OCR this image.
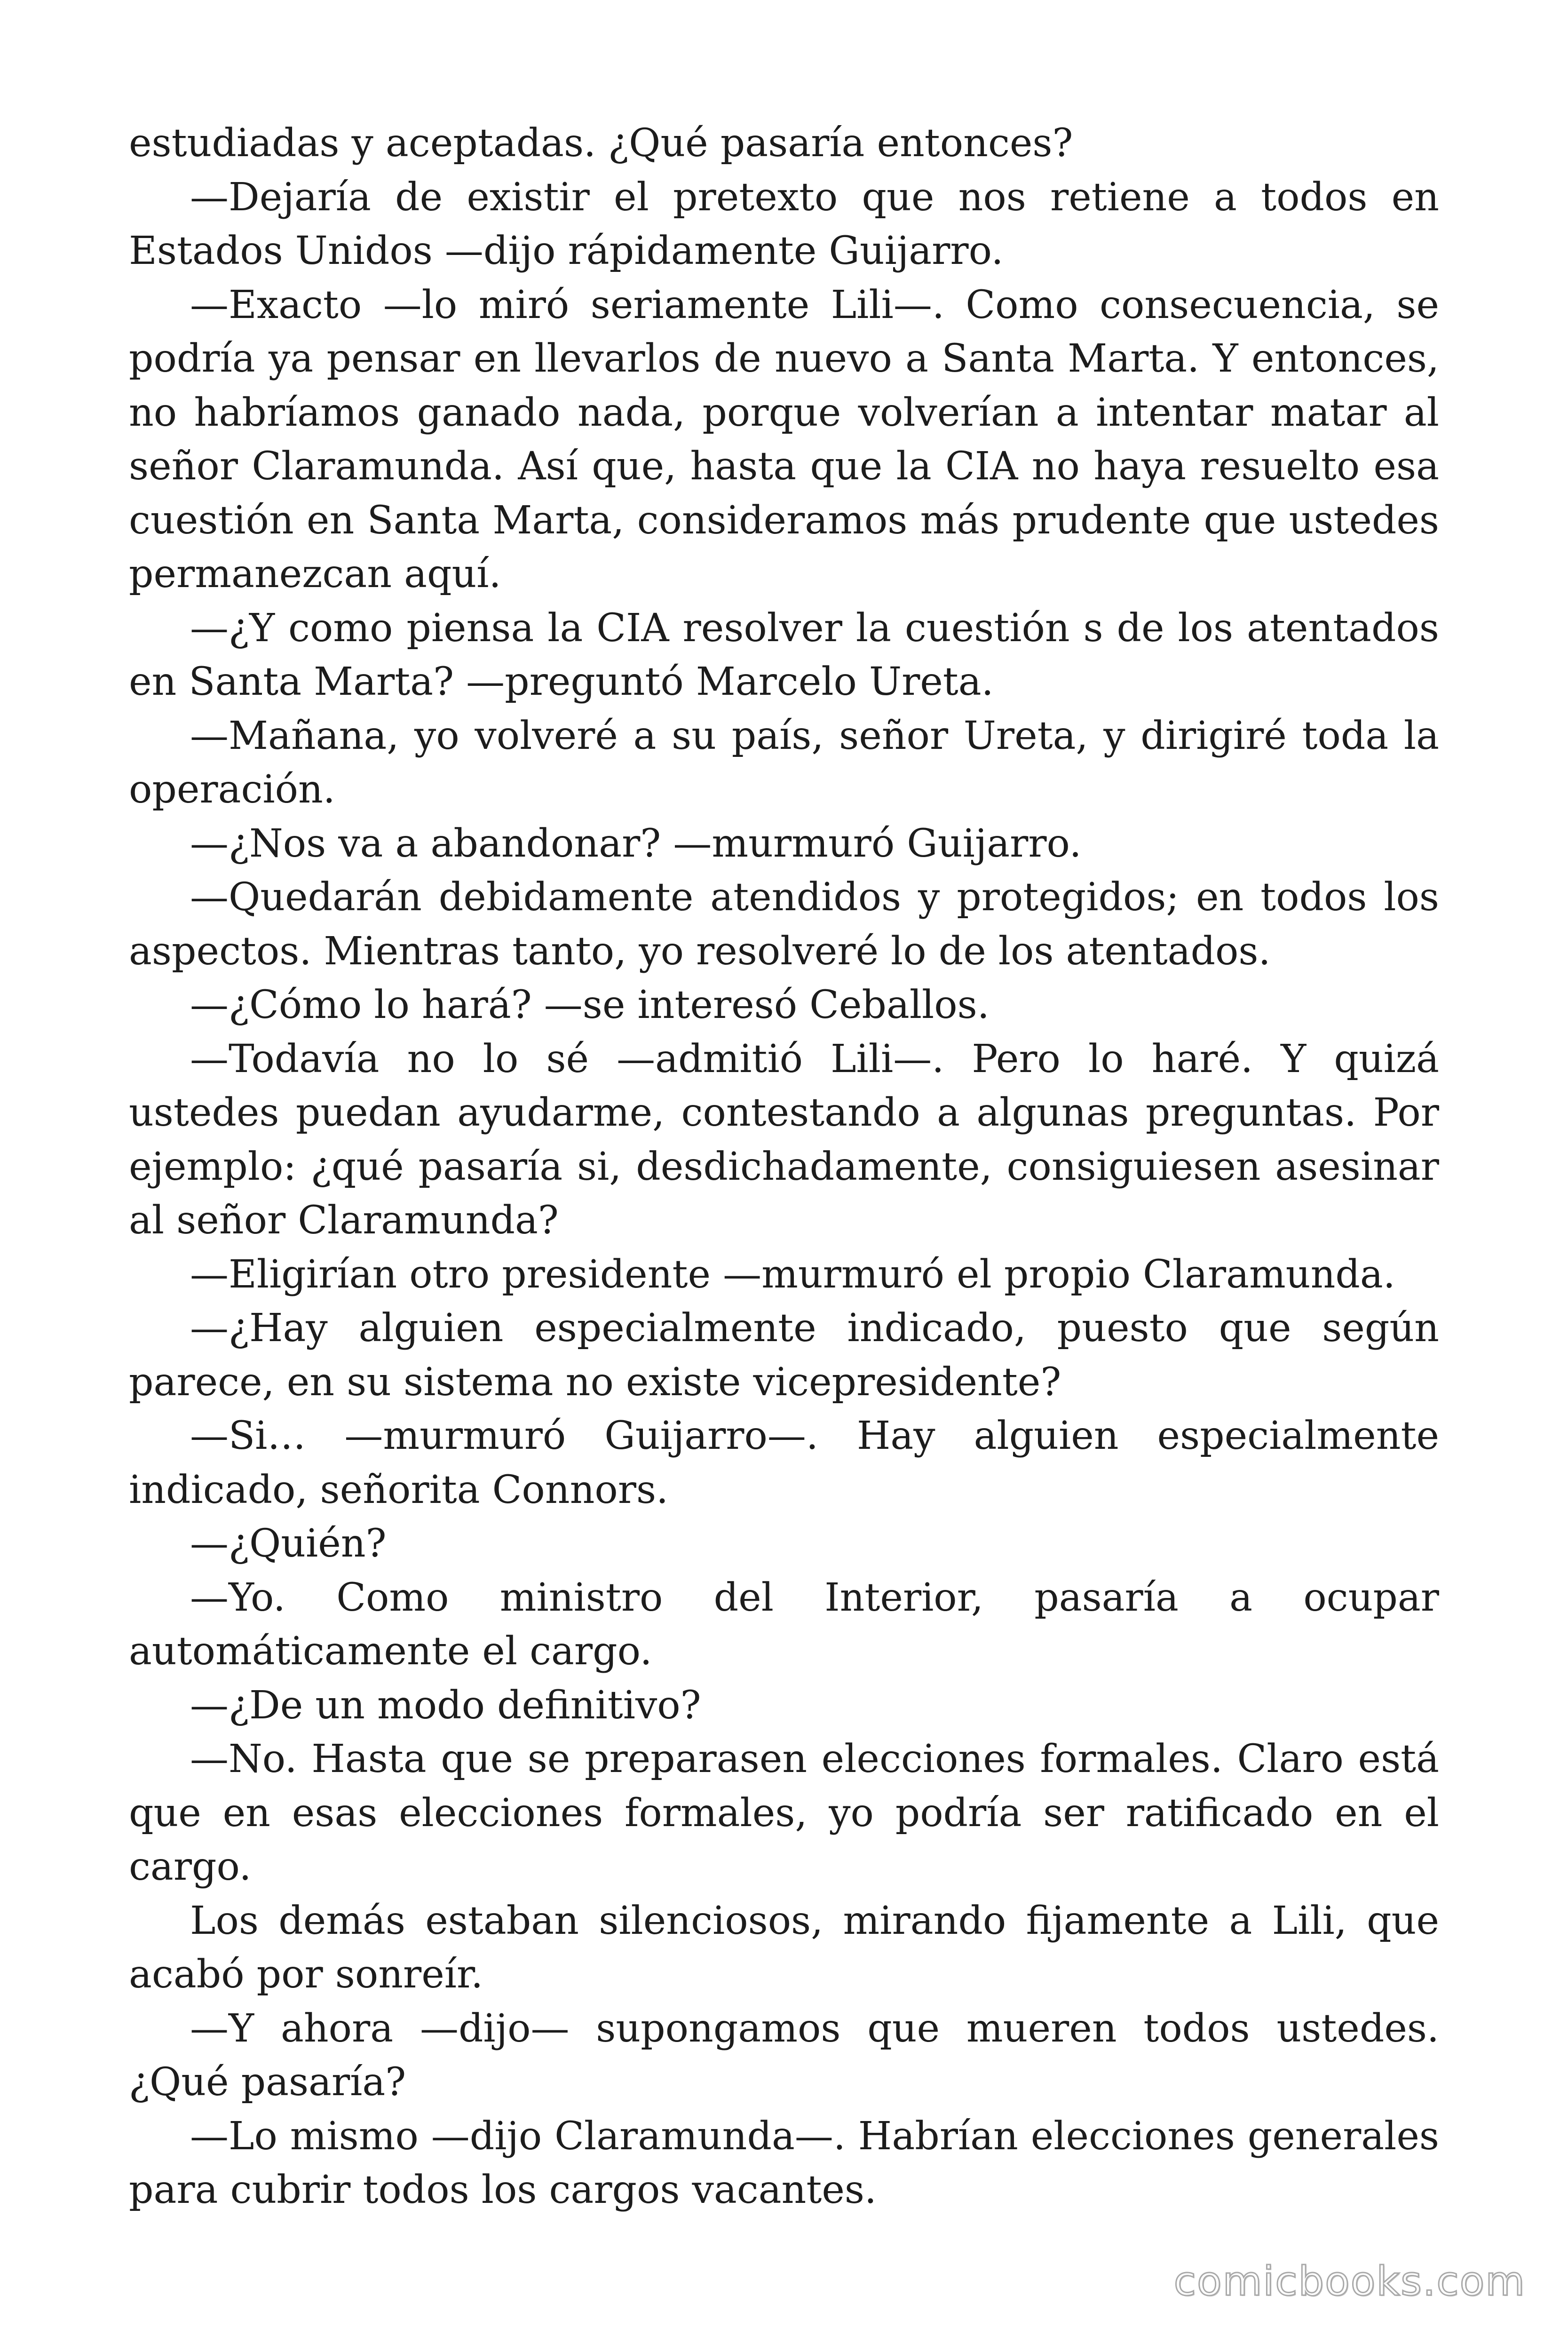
estudiadas y aceptadas. ¿Qué pasaría entonces?

—Dejaría de existir el pretexto que nos retiene a todos en Estados Unidos —dijo rápidamente Guijarro.

—Exacto —lo miró seriamente Lili—. Como consecuencia, se podría ya pensar en llevarlos de nuevo a Santa Marta. Y entonces, no habríamos ganado nada, porque volverían a intentar matar al señor Claramunda. Así que, hasta que la CIA no haya resuelto esa cuestión en Santa Marta, consideramos más prudente que ustedes permanezcan aquí.

—¿Y como piensa la CIA resolver la cuestión s de los atentados en Santa Marta? —preguntó Marcelo Ureta.

—Mañana, yo volveré a su país, señor Ureta, y dirigiré toda la operación.

—¿Nos va a abandonar? —murmuró Guijarro.

—Quedarán debidamente atendidos y protegidos; en todos los aspectos. Mientras tanto, yo resolveré lo de los atentados.

—¿Cómo lo hará? —se interesó Ceballos.

—Todavía no lo sé —admitió Lili—. Pero lo haré. Y quizá ustedes puedan ayudarme, contestando a algunas preguntas. Por ejemplo: ¿qué pasaría si, desdichadamente, consiguiesen asesinar al señor Claramunda?

—Eligirían otro presidente —murmuró el propio Claramunda.

—¿Hay alguien especialmente indicado, puesto que según parece, en su sistema no existe vicepresidente?

—Si… —murmuró Guijarro—. Hay alguien especialmente indicado, señorita Connors.

—¿Quién?

—Yo. Como ministro del Interior, pasaría a ocupar automáticamente el cargo.

—¿De un modo definitivo?

—No. Hasta que se preparasen elecciones formales. Claro está que en esas elecciones formales, yo podría ser ratificado en el cargo.

Los demás estaban silenciosos, mirando fijamente a Lili, que acabó por sonreír.

—Y ahora —dijo— supongamos que mueren todos ustedes. ¿Qué pasaría?

—Lo mismo —dijo Claramunda—. Habrían elecciones generales para cubrir todos los cargos vacantes.

comicbooks.com
